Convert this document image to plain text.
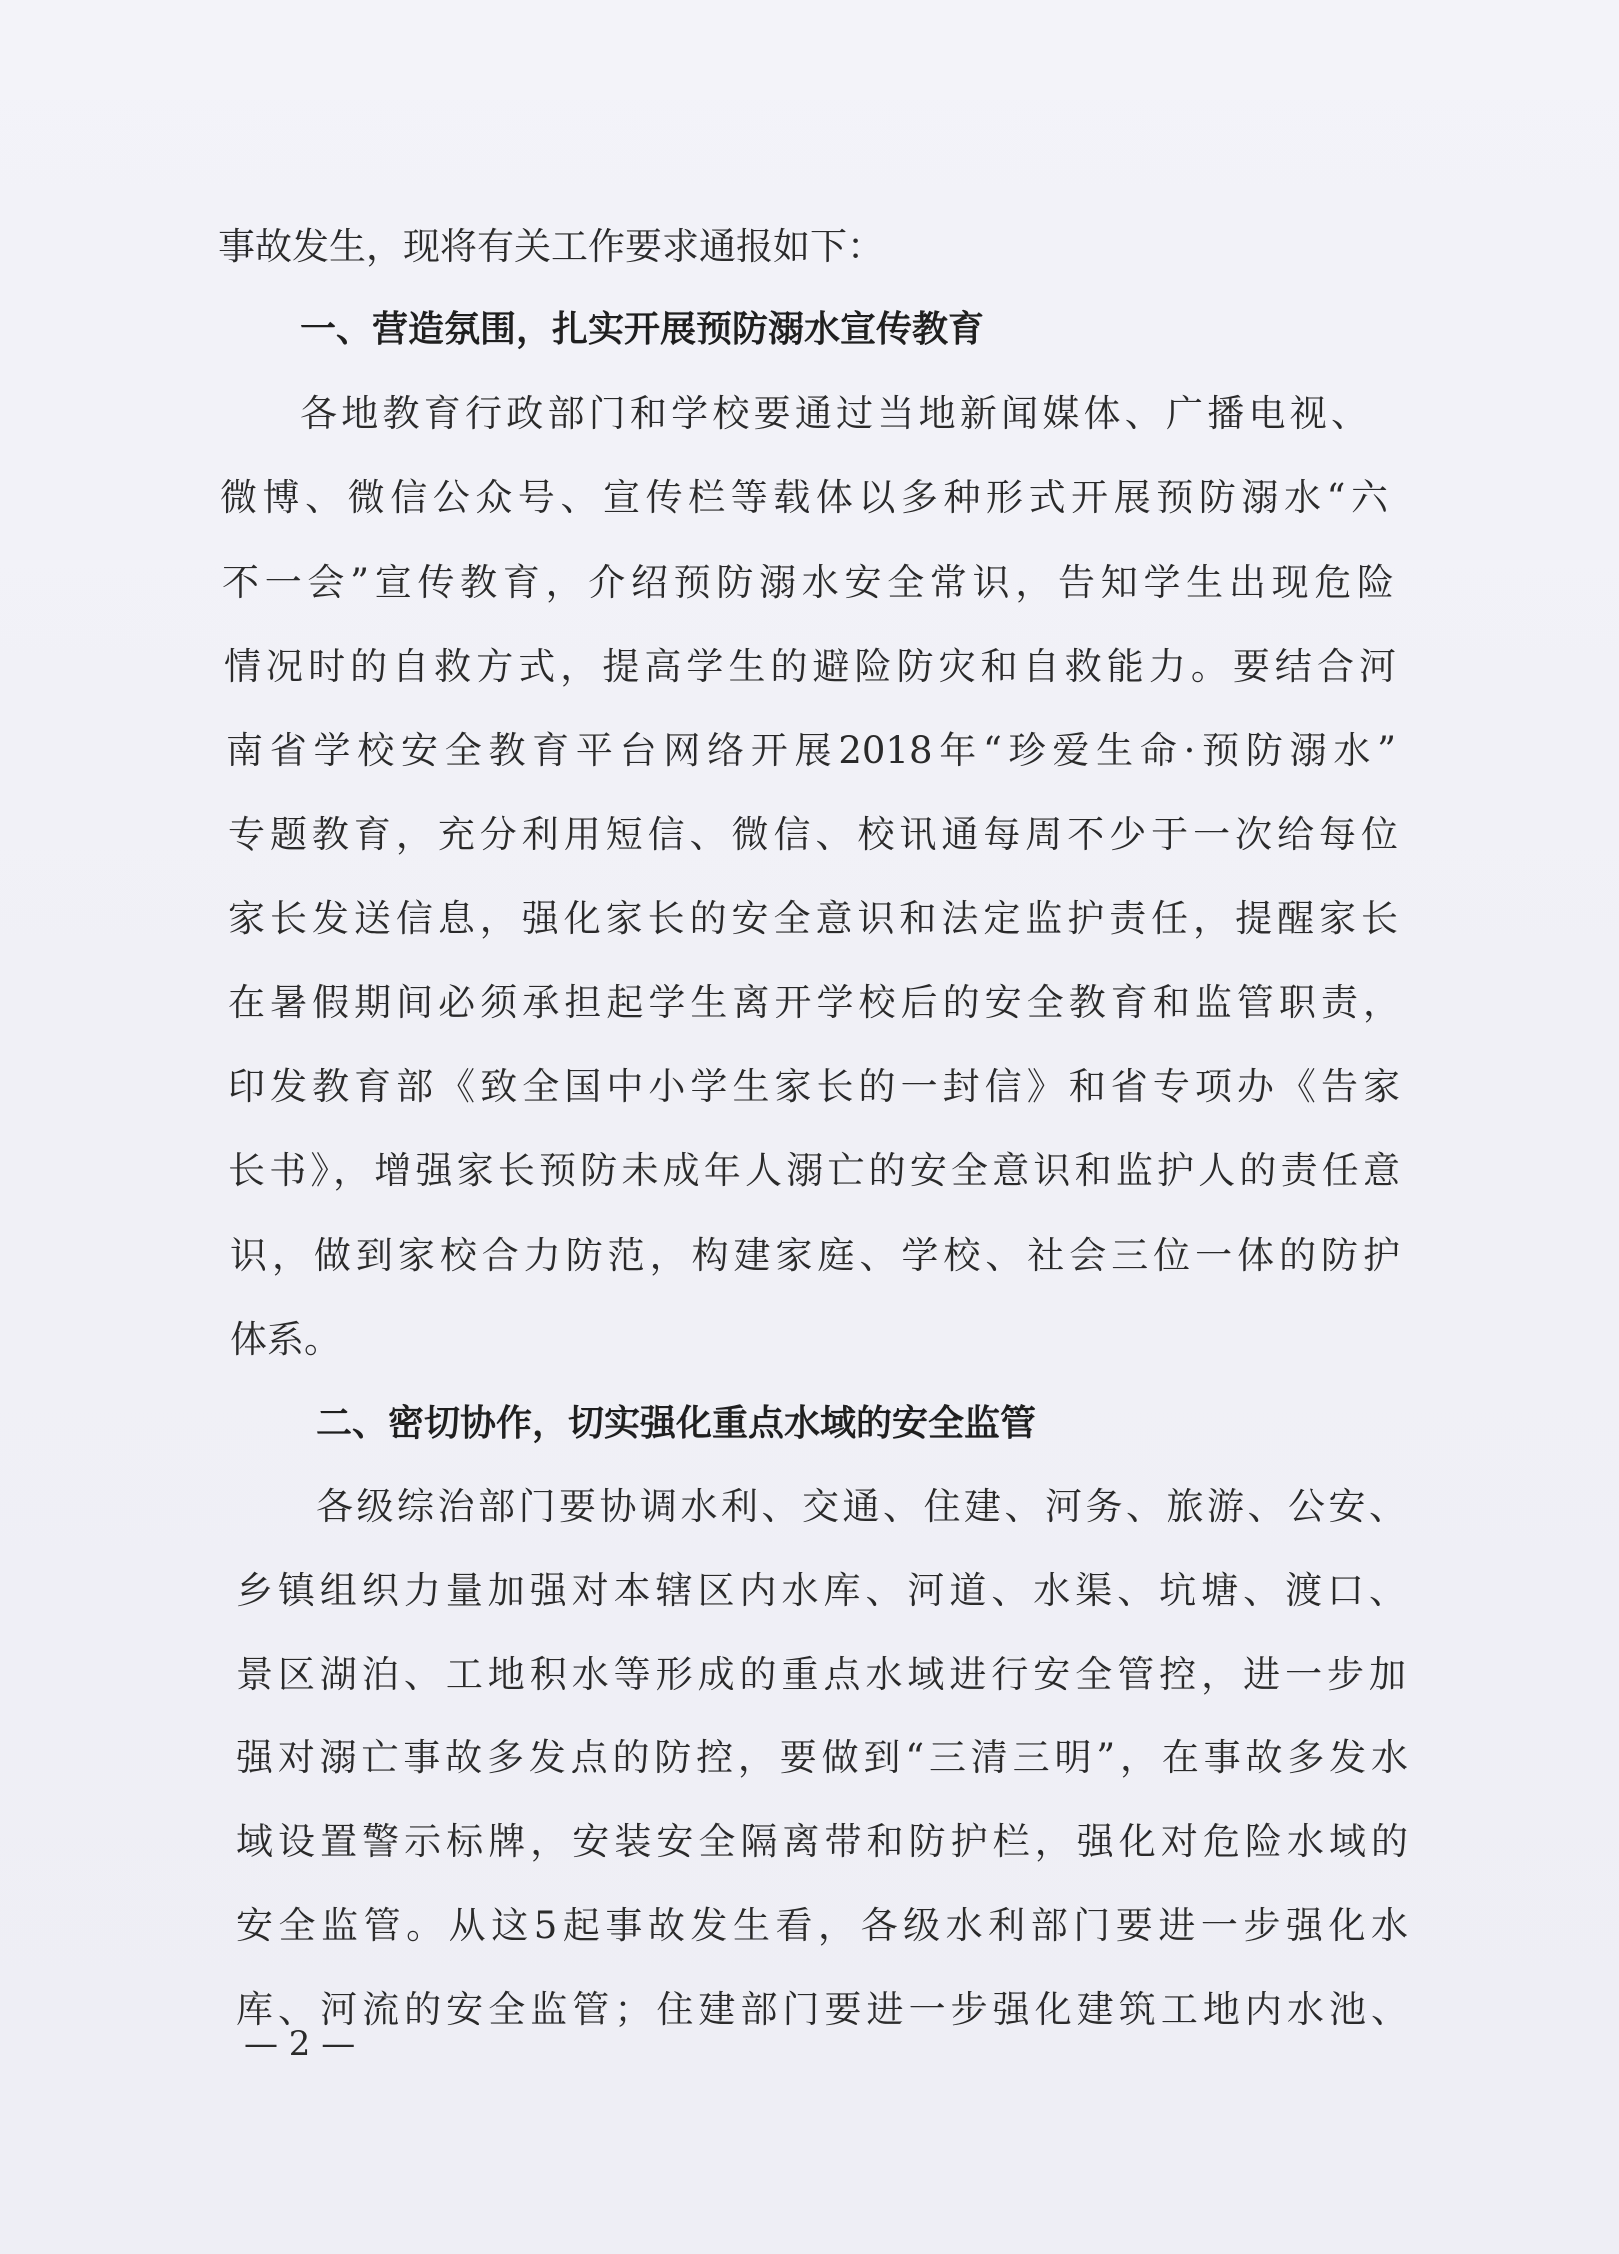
事故发生，现将有关工作要求通报如下：
一、营造氛围，扎实开展预防溺水宣传教育
各地教育行政部门和学校要通过当地新闻媒体、广播电视、
微博、微信公众号、宣传栏等载体以多种形式开展预防溺水“六
不一会”宣传教育，介绍预防溺水安全常识，告知学生出现危险
情况时的自救方式，提高学生的避险防灾和自救能力。要结合河
南省学校安全教育平台网络开展2018年“珍爱生命·预防溺水”
专题教育，充分利用短信、微信、校讯通每周不少于一次给每位
家长发送信息，强化家长的安全意识和法定监护责任，提醒家长
在暑假期间必须承担起学生离开学校后的安全教育和监管职责，
印发教育部《致全国中小学生家长的一封信》和省专项办《告家
长书》，增强家长预防未成年人溺亡的安全意识和监护人的责任意
识，做到家校合力防范，构建家庭、学校、社会三位一体的防护
体系。
二、密切协作，切实强化重点水域的安全监管
各级综治部门要协调水利、交通、住建、河务、旅游、公安、
乡镇组织力量加强对本辖区内水库、河道、水渠、坑塘、渡口、
景区湖泊、工地积水等形成的重点水域进行安全管控，进一步加
强对溺亡事故多发点的防控，要做到“三清三明”，在事故多发水
域设置警示标牌，安装安全隔离带和防护栏，强化对危险水域的
安全监管。从这5起事故发生看，各级水利部门要进一步强化水
库、河流的安全监管；住建部门要进一步强化建筑工地内水池、
— 2 —
